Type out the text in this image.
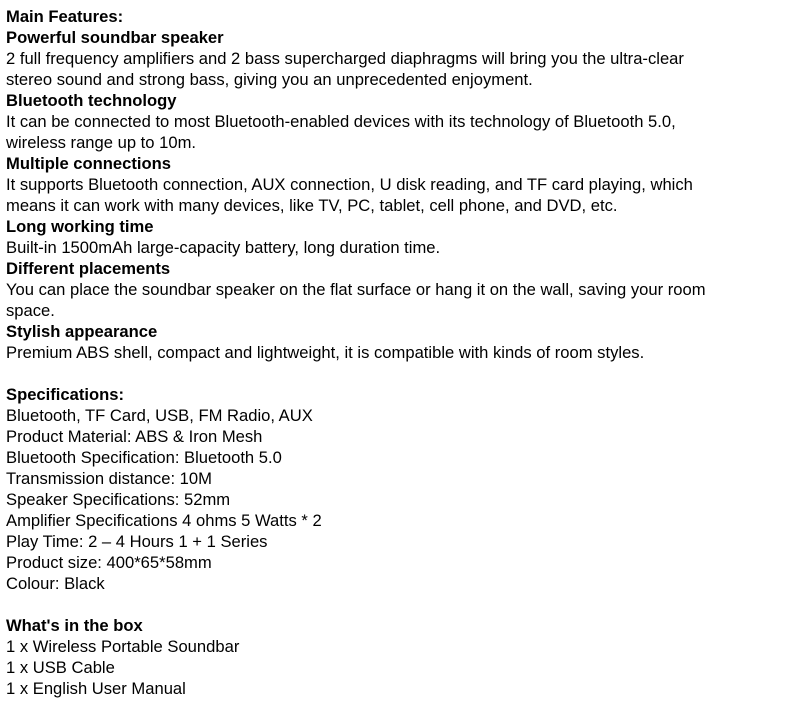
Main Features:
Powerful soundbar speaker
2 full frequency amplifiers and 2 bass supercharged diaphragms will bring you the ultra-clear
stereo sound and strong bass, giving you an unprecedented enjoyment.
Bluetooth technology
It can be connected to most Bluetooth-enabled devices with its technology of Bluetooth 5.0,
wireless range up to 10m.
Multiple connections
It supports Bluetooth connection, AUX connection, U disk reading, and TF card playing, which
means it can work with many devices, like TV, PC, tablet, cell phone, and DVD, etc.
Long working time
Built-in 1500mAh large-capacity battery, long duration time.
Different placements
You can place the soundbar speaker on the flat surface or hang it on the wall, saving your room
space.
Stylish appearance
Premium ABS shell, compact and lightweight, it is compatible with kinds of room styles.
Specifications:
Bluetooth, TF Card, USB, FM Radio, AUX
Product Material: ABS & Iron Mesh
Bluetooth Specification: Bluetooth 5.0
Transmission distance: 10M
Speaker Specifications: 52mm
Amplifier Specifications 4 ohms 5 Watts * 2
Play Time: 2 – 4 Hours 1 + 1 Series
Product size: 400*65*58mm
Colour: Black
What's in the box
1 x Wireless Portable Soundbar
1 x USB Cable
1 x English User Manual
